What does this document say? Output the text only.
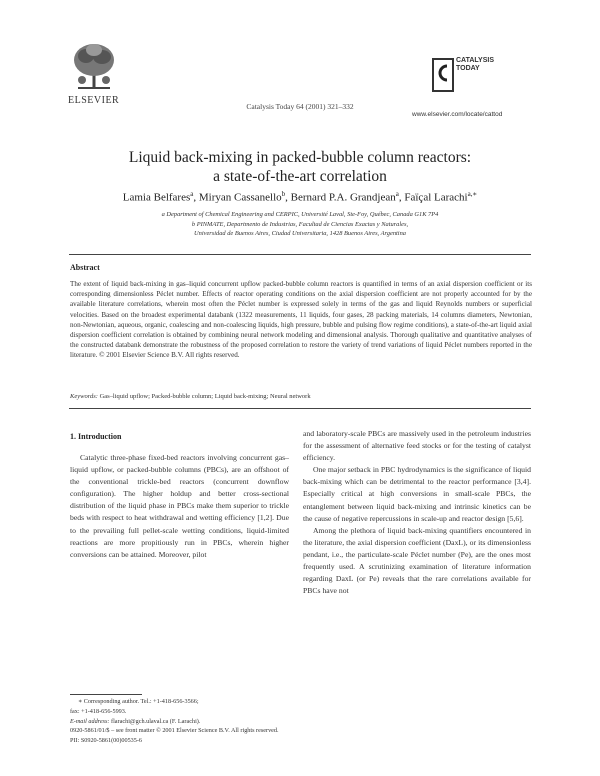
ELSEVIER
Catalysis Today 64 (2001) 321–332
CATALYSIS
TODAY
www.elsevier.com/locate/cattod
Liquid back-mixing in packed-bubble column reactors:
a state-of-the-art correlation
Lamia Belfares$^a$, Miryan Cassanello$^b$, Bernard P.A. Grandjean$^a$, Faïçal Larachi$^{a,∗}$
a Department of Chemical Engineering and CERPIC, Université Laval, Ste-Foy, Québec, Canada G1K 7P4
b PINMATE, Departmento de Industrias, Facultad de Ciencias Exactas y Naturales,
Universidad de Buenos Aires, Ciudad Universitaria, 1428 Buenos Aires, Argentina
Abstract
The extent of liquid back-mixing in gas–liquid concurrent upflow packed-bubble column reactors is quantified in terms of an axial dispersion coefficient or its corresponding dimensionless Péclet number. Effects of reactor operating conditions on the axial dispersion coefficient are not properly accounted for by the available literature correlations, wherein most often the Péclet number is expressed solely in terms of the gas and liquid Reynolds numbers or superficial velocities. Based on the broadest experimental databank (1322 measurements, 11 liquids, four gases, 28 packing materials, 14 columns diameters, Newtonian, non-Newtonian, aqueous, organic, coalescing and non-coalescing liquids, high pressure, bubble and pulsing flow regime conditions), a state-of-the-art liquid axial dispersion coefficient correlation is obtained by combining neural network modeling and dimensional analysis. Thorough qualitative and quantitative analyses of the constructed databank demonstrate the robustness of the proposed correlation to restore the variety of trend variations of liquid Péclet numbers reported in the literature. © 2001 Elsevier Science B.V. All rights reserved.
Keywords: Gas–liquid upflow; Packed-bubble column; Liquid back-mixing; Neural network
1. Introduction

Catalytic three-phase fixed-bed reactors involving concurrent gas–liquid upflow, or packed-bubble columns (PBCs), are an offshoot of the conventional trickle-bed reactors (concurrent downflow configuration). The higher holdup and better cross-sectional distribution of the liquid phase in PBCs make them superior to trickle beds with respect to heat withdrawal and wetting efficiency [1,2]. Due to the prevailing full pellet-scale wetting conditions, liquid-limited reactions are more propitiously run in PBCs, wherein higher conversions can be attained. Moreover, pilot

and laboratory-scale PBCs are massively used in the petroleum industries for the assessment of alternative feed stocks or for the testing of catalyst efficiency.

One major setback in PBC hydrodynamics is the significance of liquid back-mixing which can be detrimental to the reactor performance [3,4]. Especially critical at high conversions in small-scale PBCs, the entanglement between liquid back-mixing and intrinsic kinetics can be the cause of negative repercussions in scale-up and reactor design [5,6].

Among the plethora of liquid back-mixing quantifiers encountered in the literature, the axial dispersion coefficient (DaxL), or its dimensionless pendant, i.e., the particulate-scale Péclet number (Pe), are the ones most frequently used. A scrutinizing examination of literature information regarding DaxL (or Pe) reveals that the rare correlations available for PBCs have not

∗ Corresponding author. Tel.: +1-418-656-3566;
fax: +1-418-656-5993.
E-mail address: flarachi@gch.ulaval.ca (F. Larachi).
0920-5861/01/$ – see front matter © 2001 Elsevier Science B.V. All rights reserved.
PII: S0920-5861(00)00535-6
